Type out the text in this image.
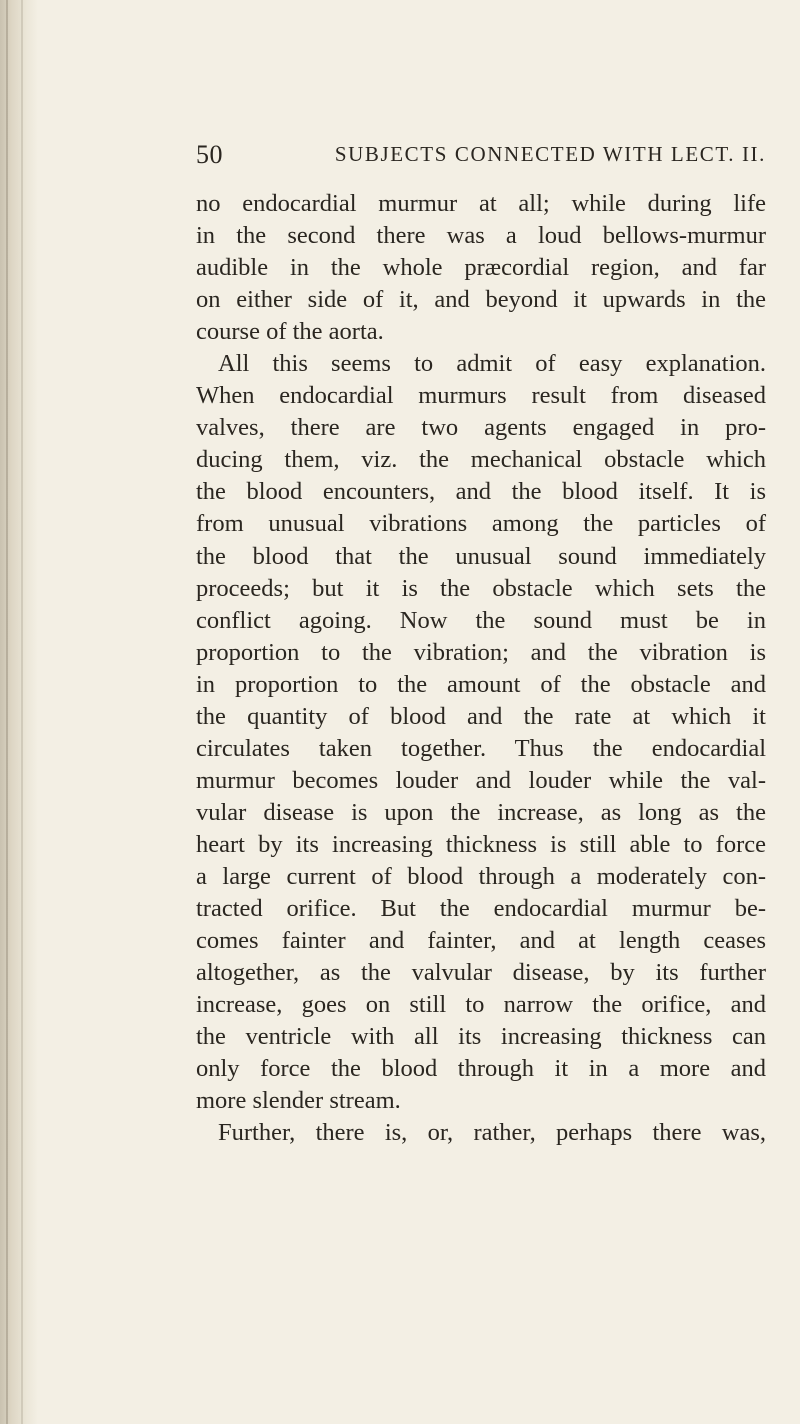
50	SUBJECTS CONNECTED WITH LECT. II.
no endocardial murmur at all; while during life
in the second there was a loud bellows-murmur
audible in the whole præcordial region, and far
on either side of it, and beyond it upwards in the
course of the aorta.
All this seems to admit of easy explanation.
When endocardial murmurs result from diseased
valves, there are two agents engaged in pro-
ducing them, viz. the mechanical obstacle which
the blood encounters, and the blood itself. It is
from unusual vibrations among the particles of
the blood that the unusual sound immediately
proceeds; but it is the obstacle which sets the
conflict agoing. Now the sound must be in
proportion to the vibration; and the vibration is
in proportion to the amount of the obstacle and
the quantity of blood and the rate at which it
circulates taken together. Thus the endocardial
murmur becomes louder and louder while the val-
vular disease is upon the increase, as long as the
heart by its increasing thickness is still able to force
a large current of blood through a moderately con-
tracted orifice. But the endocardial murmur be-
comes fainter and fainter, and at length ceases
altogether, as the valvular disease, by its further
increase, goes on still to narrow the orifice, and
the ventricle with all its increasing thickness can
only force the blood through it in a more and
more slender stream.
Further, there is, or, rather, perhaps there was,
